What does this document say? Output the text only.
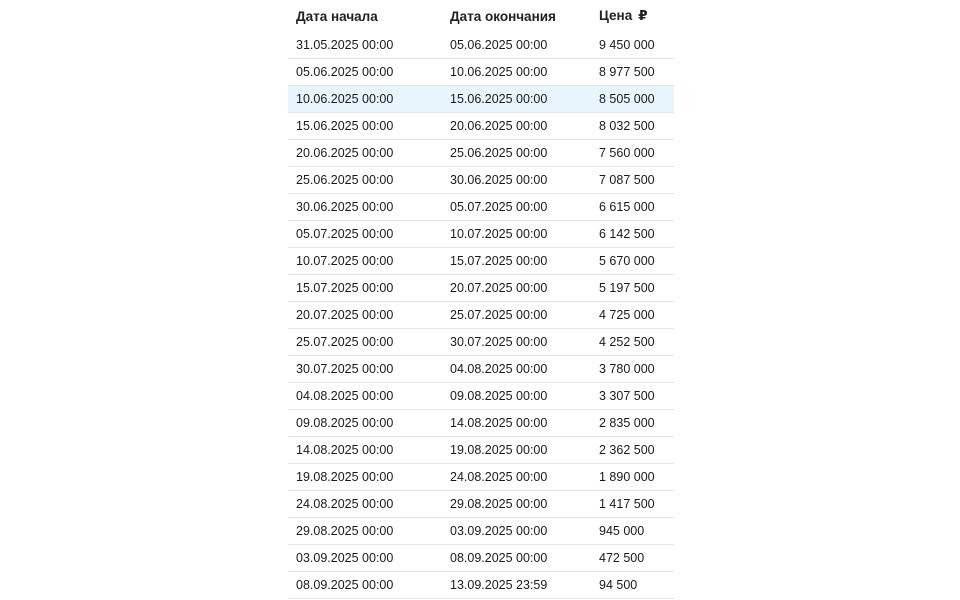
Дата начала	Дата окончания	Цена ₽
31.05.2025 00:00	05.06.2025 00:00	9 450 000
05.06.2025 00:00	10.06.2025 00:00	8 977 500
10.06.2025 00:00	15.06.2025 00:00	8 505 000
15.06.2025 00:00	20.06.2025 00:00	8 032 500
20.06.2025 00:00	25.06.2025 00:00	7 560 000
25.06.2025 00:00	30.06.2025 00:00	7 087 500
30.06.2025 00:00	05.07.2025 00:00	6 615 000
05.07.2025 00:00	10.07.2025 00:00	6 142 500
10.07.2025 00:00	15.07.2025 00:00	5 670 000
15.07.2025 00:00	20.07.2025 00:00	5 197 500
20.07.2025 00:00	25.07.2025 00:00	4 725 000
25.07.2025 00:00	30.07.2025 00:00	4 252 500
30.07.2025 00:00	04.08.2025 00:00	3 780 000
04.08.2025 00:00	09.08.2025 00:00	3 307 500
09.08.2025 00:00	14.08.2025 00:00	2 835 000
14.08.2025 00:00	19.08.2025 00:00	2 362 500
19.08.2025 00:00	24.08.2025 00:00	1 890 000
24.08.2025 00:00	29.08.2025 00:00	1 417 500
29.08.2025 00:00	03.09.2025 00:00	945 000
03.09.2025 00:00	08.09.2025 00:00	472 500
08.09.2025 00:00	13.09.2025 23:59	94 500
